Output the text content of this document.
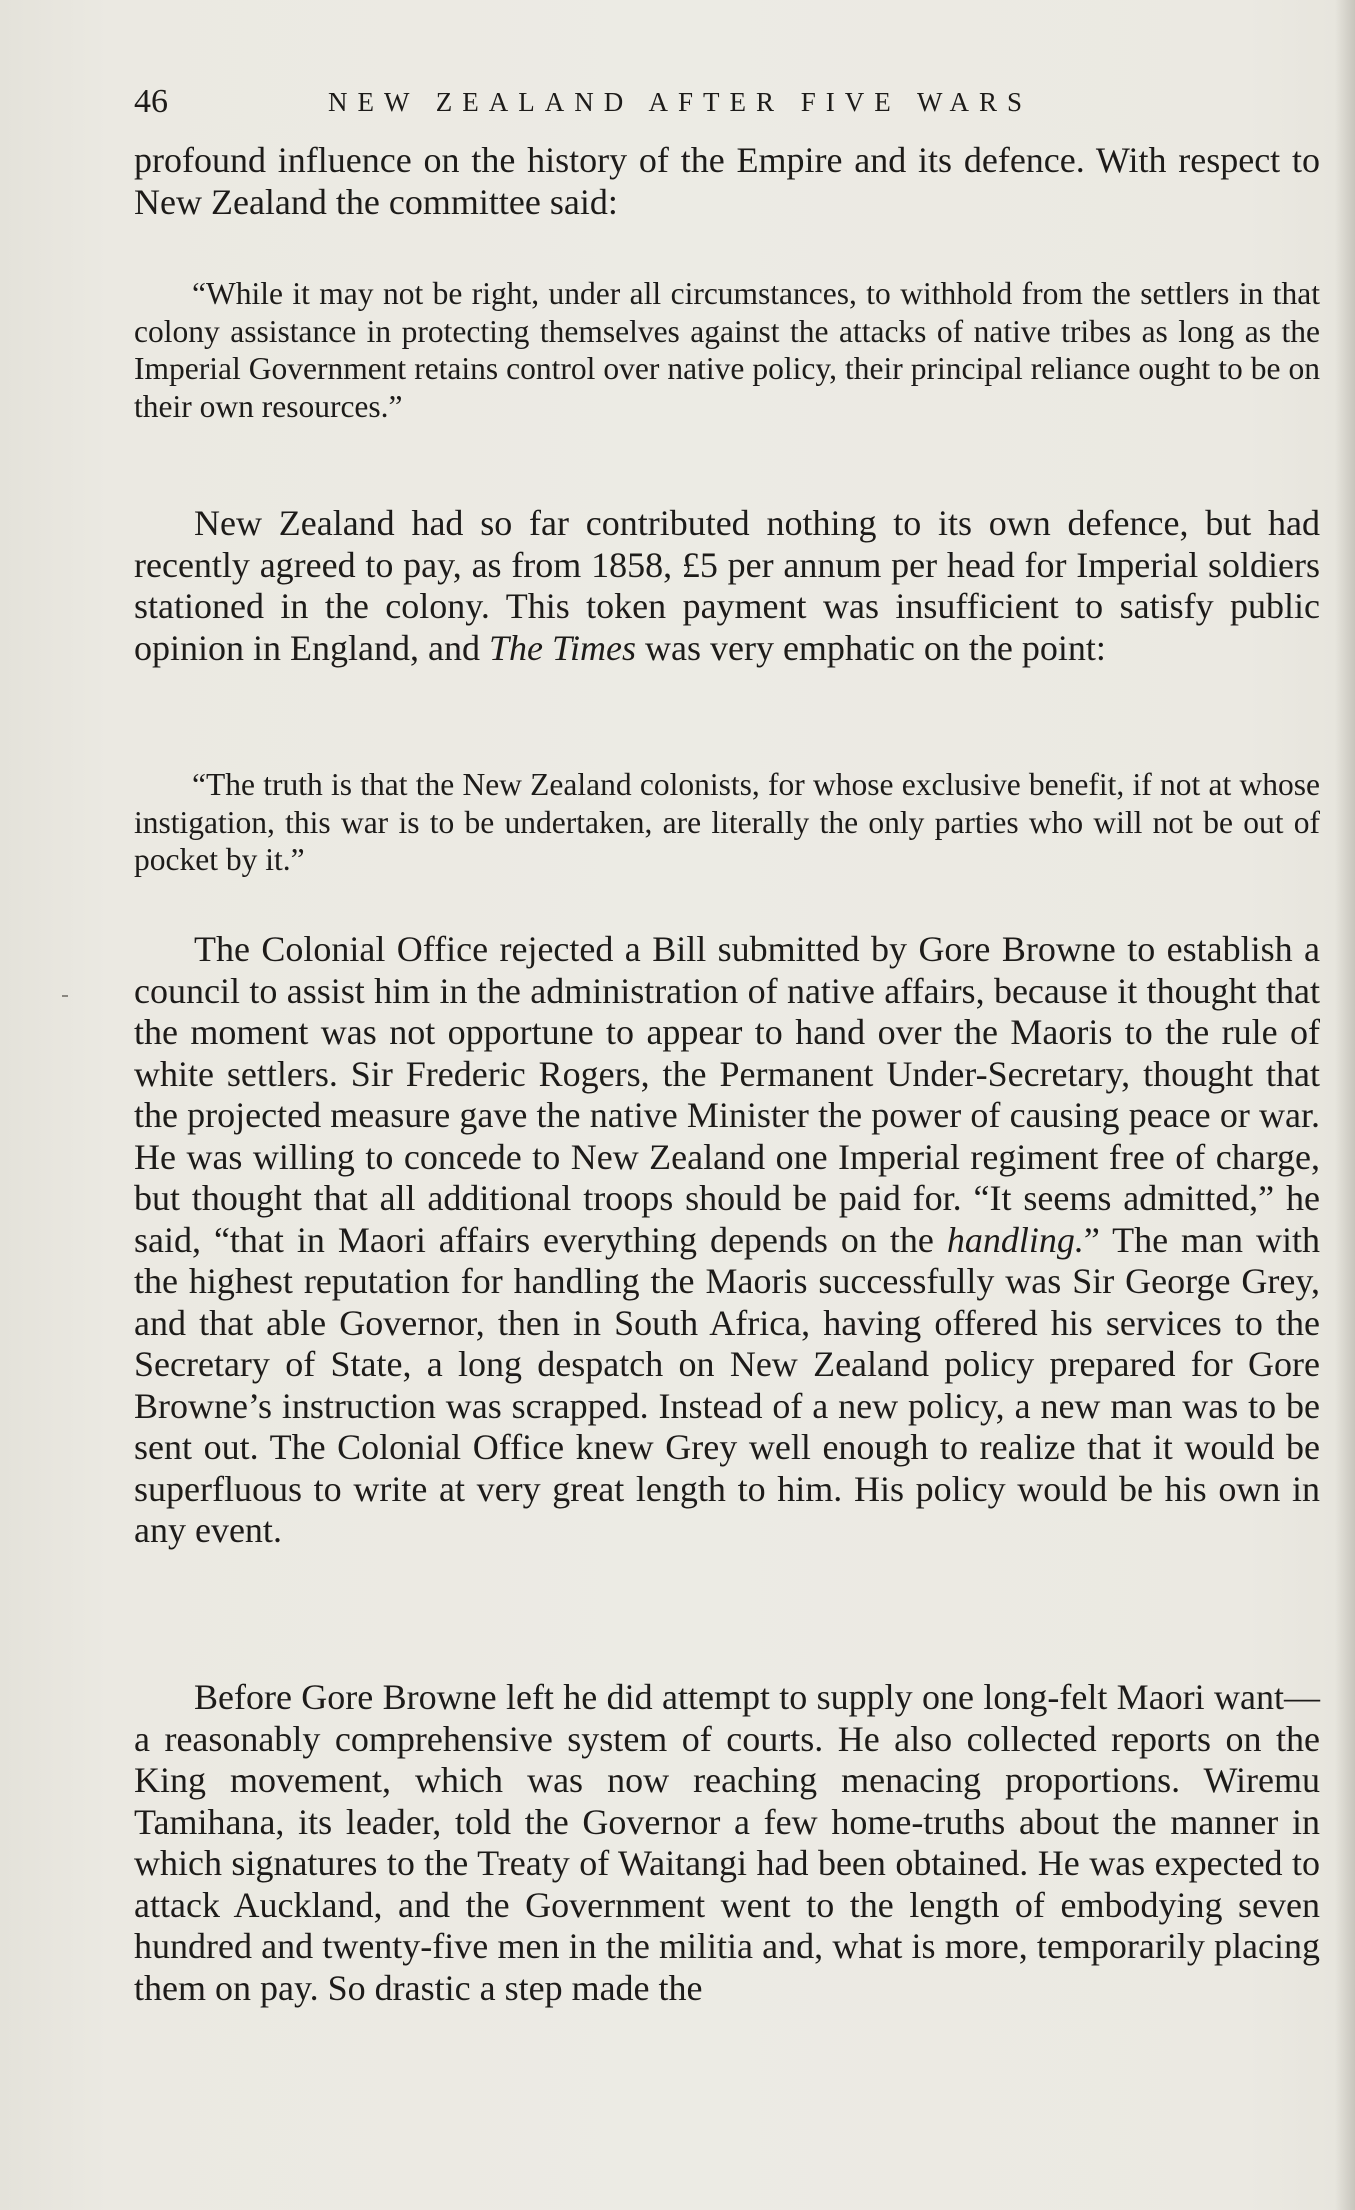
46	NEW ZEALAND AFTER FIVE WARS

profound influence on the history of the Empire and its defence. With respect to New Zealand the committee said:

“While it may not be right, under all circumstances, to withhold from the settlers in that colony assistance in protecting themselves against the attacks of native tribes as long as the Imperial Government retains control over native policy, their principal reliance ought to be on their own resources.”

New Zealand had so far contributed nothing to its own defence, but had recently agreed to pay, as from 1858, £5 per annum per head for Imperial soldiers stationed in the colony. This token payment was insufficient to satisfy public opinion in England, and The Times was very emphatic on the point:

“The truth is that the New Zealand colonists, for whose exclusive benefit, if not at whose instigation, this war is to be undertaken, are literally the only parties who will not be out of pocket by it.”

The Colonial Office rejected a Bill submitted by Gore Browne to establish a council to assist him in the administration of native affairs, because it thought that the moment was not opportune to appear to hand over the Maoris to the rule of white settlers. Sir Frederic Rogers, the Permanent Under-Secretary, thought that the projected measure gave the native Minister the power of causing peace or war. He was willing to concede to New Zealand one Imperial regiment free of charge, but thought that all additional troops should be paid for. “It seems admitted,” he said, “that in Maori affairs everything depends on the handling.” The man with the highest reputation for handling the Maoris successfully was Sir George Grey, and that able Governor, then in South Africa, having offered his services to the Secretary of State, a long despatch on New Zealand policy prepared for Gore Browne’s instruction was scrapped. Instead of a new policy, a new man was to be sent out. The Colonial Office knew Grey well enough to realize that it would be superfluous to write at very great length to him. His policy would be his own in any event.

Before Gore Browne left he did attempt to supply one long-felt Maori want—a reasonably comprehensive system of courts. He also collected reports on the King movement, which was now reaching menacing proportions. Wiremu Tamihana, its leader, told the Governor a few home-truths about the manner in which signatures to the Treaty of Waitangi had been obtained. He was expected to attack Auckland, and the Government went to the length of embodying seven hundred and twenty-five men in the militia and, what is more, temporarily placing them on pay. So drastic a step made the
